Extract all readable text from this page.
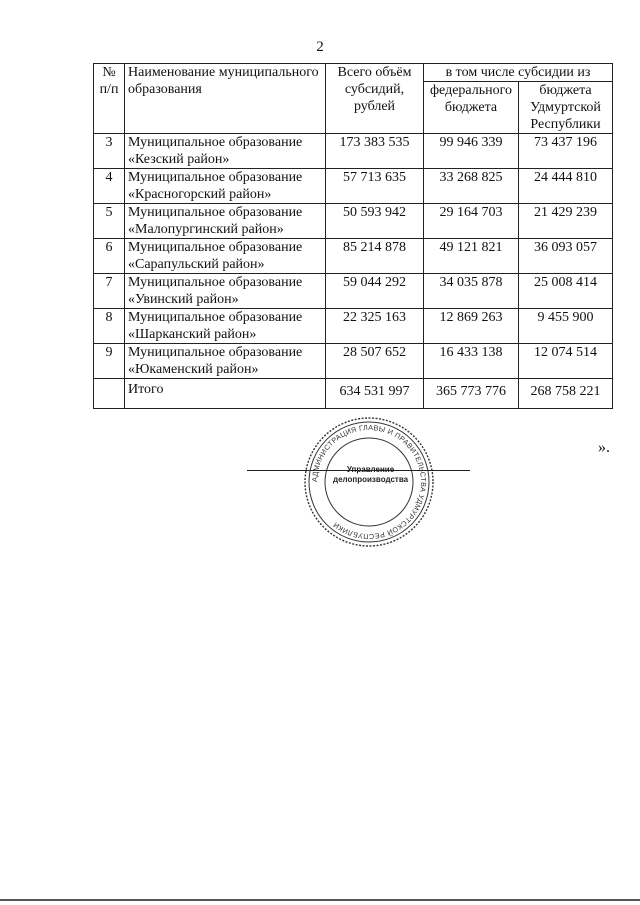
2
№ п/п	Наименование муниципального образования	Всего объём субсидий, рублей	в том числе субсидии из	
			федерального бюджета	бюджета Удмуртской Республики
3	Муниципальное образование «Кезский район»	173 383 535	99 946 339	73 437 196
4	Муниципальное образование «Красногорский район»	57 713 635	33 268 825	24 444 810
5	Муниципальное образование «Малопургинский район»	50 593 942	29 164 703	21 429 239
6	Муниципальное образование «Сарапульский район»	85 214 878	49 121 821	36 093 057
7	Муниципальное образование «Увинский район»	59 044 292	34 035 878	25 008 414
8	Муниципальное образование «Шарканский район»	22 325 163	12 869 263	9 455 900
9	Муниципальное образование «Юкаменский район»	28 507 652	16 433 138	12 074 514
	Итого	634 531 997	365 773 776	268 758 221
».
АДМИНИСТРАЦИЯ ГЛАВЫ И ПРАВИТЕЛЬСТВА УДМУРТСКОЙ РЕСПУБЛИКИ
Управление делопроизводства
